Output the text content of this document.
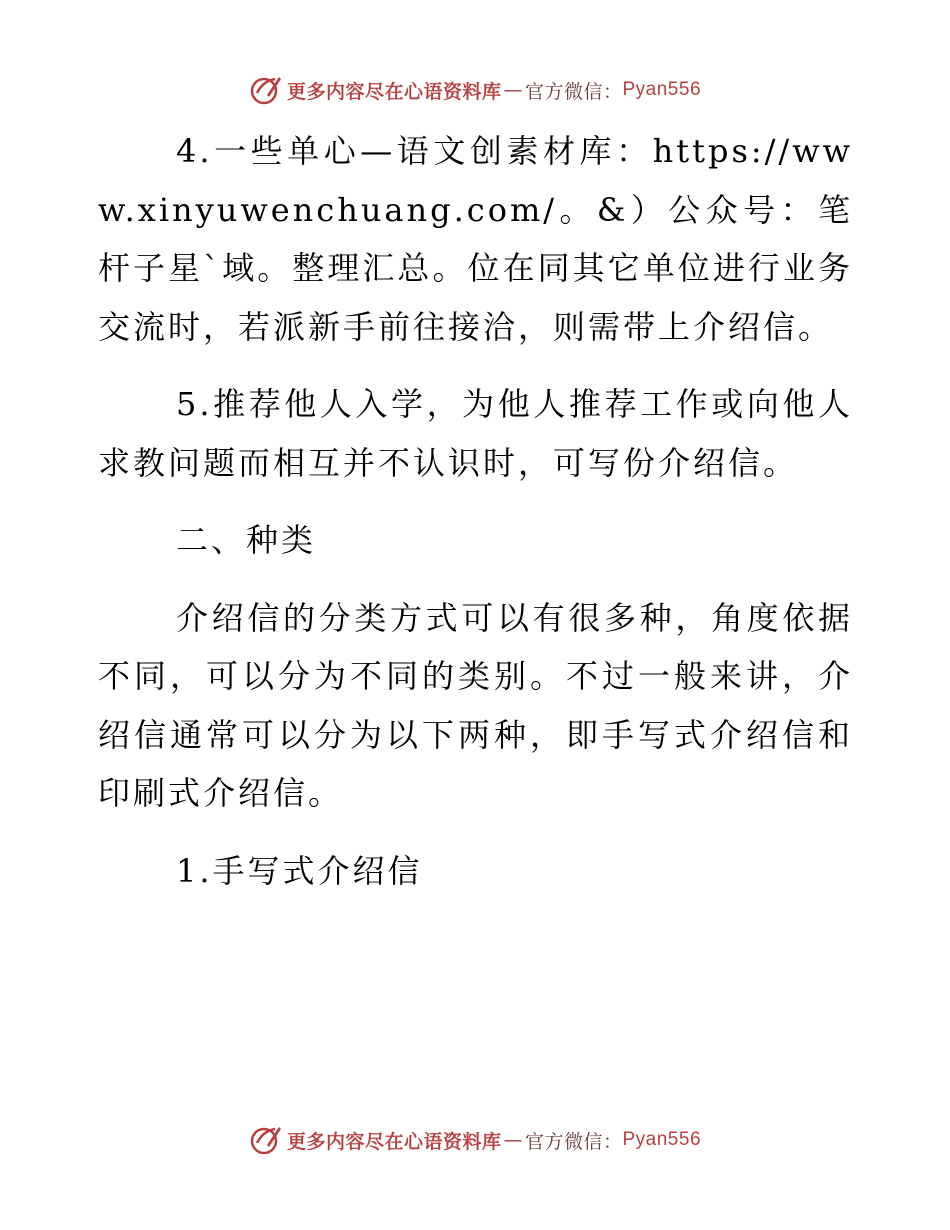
更多内容尽在心语资料库 — 官方微信： Pyan556

4.一些单心—语文创素材库：https://www.xinyuwenchuang.com/。&）公众号：笔杆子星`域。整理汇总。位在同其它单位进行业务交流时，若派新手前往接洽，则需带上介绍信。

5.推荐他人入学，为他人推荐工作或向他人求教问题而相互并不认识时，可写份介绍信。

二、种类

介绍信的分类方式可以有很多种，角度依据不同，可以分为不同的类别。不过一般来讲，介绍信通常可以分为以下两种，即手写式介绍信和印刷式介绍信。

1.手写式介绍信

更多内容尽在心语资料库 — 官方微信： Pyan556
